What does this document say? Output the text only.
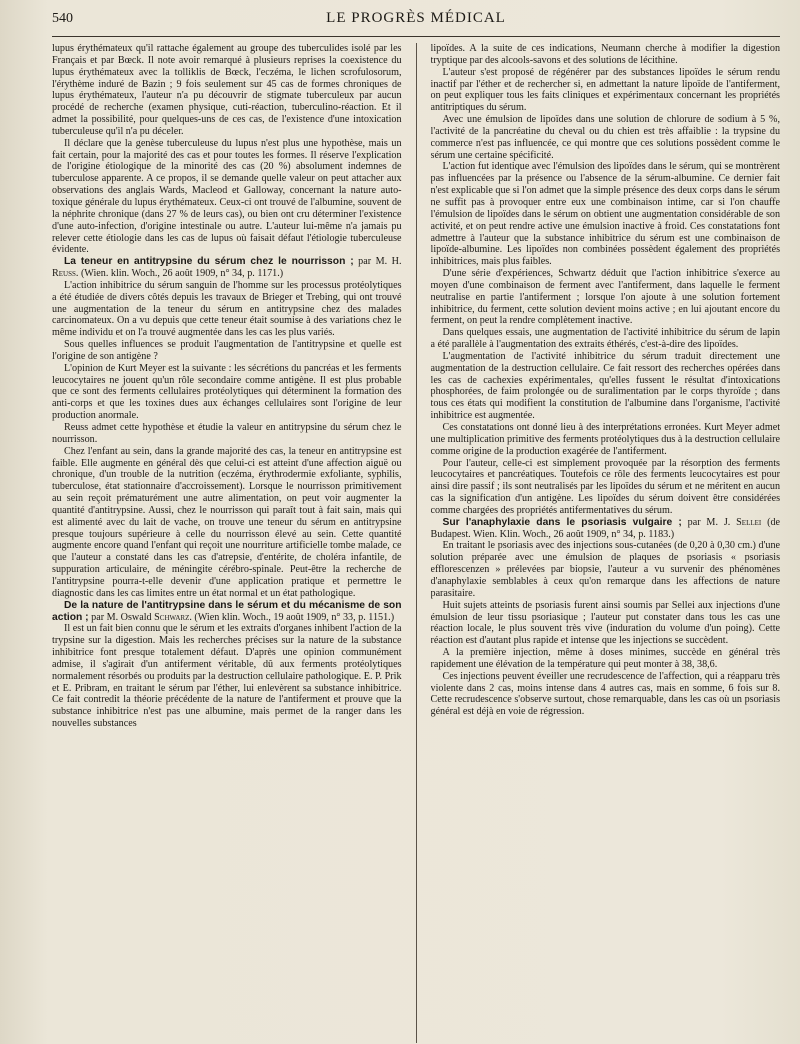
540	LE PROGRÈS MÉDICAL

lupus érythémateux qu'il rattache également au groupe des tuberculides isolé par les Français et par Bœck. Il note avoir remarqué à plusieurs reprises la coexistence du lupus érythémateux avec la tolliklis de Bœck, l'eczéma, le lichen scrofulosorum, l'érythème induré de Bazin ; 9 fois seulement sur 45 cas de formes chroniques de lupus érythémateux, l'auteur n'a pu découvrir de stigmate tuberculeux par aucun procédé de recherche (examen physique, cuti-réaction, tuberculino-réaction. Et il admet la possibilité, pour quelques-uns de ces cas, de l'existence d'une intoxication tuberculeuse qu'il n'a pu déceler.

Il déclare que la genèse tuberculeuse du lupus n'est plus une hypothèse, mais un fait certain, pour la majorité des cas et pour toutes les formes. Il réserve l'explication de l'origine étiologique de la minorité des cas (20 %) absolument indemnes de tuberculose apparente. A ce propos, il se demande quelle valeur on peut attacher aux observations des anglais Wards, Macleod et Galloway, concernant la nature auto-toxique générale du lupus érythémateux. Ceux-ci ont trouvé de l'albumine, souvent de la néphrite chronique (dans 27 % de leurs cas), ou bien ont cru déterminer l'existence d'une auto-infection, d'origine intestinale ou autre. L'auteur lui-même n'a jamais pu relever cette étiologie dans les cas de lupus où faisait défaut l'étiologie tuberculeuse évidente.

La teneur en antitrypsine du sérum chez le nourrisson ; par M. H. Reuss. (Wien. klin. Woch., 26 août 1909, n° 34, p. 1171.)

L'action inhibitrice du sérum sanguin de l'homme sur les processus protéolytiques a été étudiée de divers côtés depuis les travaux de Brieger et Trebing, qui ont trouvé une augmentation de la teneur du sérum en antitrypsine chez des malades carcinomateux. On a vu depuis que cette teneur était soumise à des variations chez le même individu et on l'a trouvé augmentée dans les cas les plus variés.

Sous quelles influences se produit l'augmentation de l'antitrypsine et quelle est l'origine de son antigène ?

L'opinion de Kurt Meyer est la suivante : les sécrétions du pancréas et les ferments leucocytaires ne jouent qu'un rôle secondaire comme antigène. Il est plus probable que ce sont des ferments cellulaires protéolytiques qui déterminent la formation des anti-corps et que les toxines dues aux échanges cellulaires sont l'origine de leur production anormale.

Reuss admet cette hypothèse et étudie la valeur en antitrypsine du sérum chez le nourrisson.

Chez l'enfant au sein, dans la grande majorité des cas, la teneur en antitrypsine est faible. Elle augmente en général dès que celui-ci est atteint d'une affection aiguë ou chronique, d'un trouble de la nutrition (eczéma, érythrodermie exfoliante, syphilis, tuberculose, état stationnaire d'accroissement). Lorsque le nourrisson primitivement au sein reçoit prématurément une autre alimentation, on peut voir augmenter la quantité d'antitrypsine. Aussi, chez le nourrisson qui paraît tout à fait sain, mais qui est alimenté avec du lait de vache, on trouve une teneur du sérum en antitrypsine presque toujours supérieure à celle du nourrisson élevé au sein. Cette quantité augmente encore quand l'enfant qui reçoit une nourriture artificielle tombe malade, ce que l'auteur a constaté dans les cas d'atrepsie, d'entérite, de choléra infantile, de suppuration articulaire, de méningite cérébro-spinale. Peut-être la recherche de l'antitrypsine pourra-t-elle devenir d'une application pratique et permettre le diagnostic dans les cas limites entre un état normal et un état pathologique.

De la nature de l'antitrypsine dans le sérum et du mécanisme de son action ; par M. Oswald Schwarz. (Wien klin. Woch., 19 août 1909, n° 33, p. 1151.)

Il est un fait bien connu que le sérum et les extraits d'organes inhibent l'action de la trypsine sur la digestion. Mais les recherches précises sur la nature de la substance inhibitrice font presque totalement défaut. D'après une opinion communément admise, il s'agirait d'un antiferment véritable, dû aux ferments protéolytiques normalement résorbés ou produits par la destruction cellulaire pathologique. E. P. Prik et E. Pribram, en traitant le sérum par l'éther, lui enlevèrent sa substance inhibitrice. Ce fait contredit la théorie précédente de la nature de l'antiferment et prouve que la substance inhibitrice n'est pas une albumine, mais permet de la ranger dans les nouvelles substances

lipoïdes. A la suite de ces indications, Neumann cherche à modifier la digestion tryptique par des alcools-savons et des solutions de lécithine.

L'auteur s'est proposé de régénérer par des substances lipoïdes le sérum rendu inactif par l'éther et de rechercher si, en admettant la nature lipoïde de l'antiferment, on peut expliquer tous les faits cliniques et expérimentaux concernant les propriétés antitriptiques du sérum.

Avec une émulsion de lipoïdes dans une solution de chlorure de sodium à 5 %, l'activité de la pancréatine du cheval ou du chien est très affaiblie : la trypsine du commerce n'est pas influencée, ce qui montre que ces solutions possèdent comme le sérum une certaine spécificité.

L'action fut identique avec l'émulsion des lipoïdes dans le sérum, qui se montrèrent pas influencées par la présence ou l'absence de la sérum-albumine. Ce dernier fait n'est explicable que si l'on admet que la simple présence des deux corps dans le sérum ne suffit pas à provoquer entre eux une combinaison intime, car si l'on chauffe l'émulsion de lipoïdes dans le sérum on obtient une augmentation considérable de son activité, et on peut rendre active une émulsion inactive à froid. Ces constatations font admettre à l'auteur que la substance inhibitrice du sérum est une combinaison de lipoïde-albumine. Les lipoïdes non combinées possèdent également des propriétés inhibitrices, mais plus faibles.

D'une série d'expériences, Schwartz déduit que l'action inhibitrice s'exerce au moyen d'une combinaison de ferment avec l'antiferment, dans laquelle le ferment neutralise en partie l'antiferment ; lorsque l'on ajoute à une solution fortement inhibitrice, du ferment, cette solution devient moins active ; en lui ajoutant encore du ferment, on peut la rendre complètement inactive.

Dans quelques essais, une augmentation de l'activité inhibitrice du sérum de lapin a été parallèle à l'augmentation des extraits éthérés, c'est-à-dire des lipoïdes.

L'augmentation de l'activité inhibitrice du sérum traduit directement une augmentation de la destruction cellulaire. Ce fait ressort des recherches opérées dans les cas de cachexies expérimentales, qu'elles fussent le résultat d'intoxications phosphorées, de faim prolongée ou de suralimentation par le corps thyroïde ; dans tous ces états qui modifient la constitution de l'albumine dans l'organisme, l'activité inhibitrice est augmentée.

Ces constatations ont donné lieu à des interprétations erronées. Kurt Meyer admet une multiplication primitive des ferments protéolytiques dus à la destruction cellulaire comme origine de la production exagérée de l'antiferment.

Pour l'auteur, celle-ci est simplement provoquée par la résorption des ferments leucocytaires et pancréatiques. Toutefois ce rôle des ferments leucocytaires est pour ainsi dire passif ; ils sont neutralisés par les lipoïdes du sérum et ne méritent en aucun cas la signification d'un antigène. Les lipoïdes du sérum doivent être considérées comme chargées des propriétés antifermentatives du sérum.

Sur l'anaphylaxie dans le psoriasis vulgaire ; par M. J. Sellei (de Budapest. Wien. Klin. Woch., 26 août 1909, n° 34, p. 1183.)

En traitant le psoriasis avec des injections sous-cutanées (de 0,20 à 0,30 cm.) d'une solution préparée avec une émulsion de plaques de psoriasis « psoriasis efflorescenzen » prélevées par biopsie, l'auteur a vu survenir des phénomènes d'anaphylaxie semblables à ceux qu'on remarque dans les affections de nature parasitaire.

Huit sujets atteints de psoriasis furent ainsi soumis par Sellei aux injections d'une émulsion de leur tissu psoriasique ; l'auteur put constater dans tous les cas une réaction locale, le plus souvent très vive (induration du volume d'un poing). Cette réaction est d'autant plus rapide et intense que les injections se succèdent.

A la première injection, même à doses minimes, succède en général très rapidement une élévation de la température qui peut monter à 38, 38,6.

Ces injections peuvent éveiller une recrudescence de l'affection, qui a réapparu très violente dans 2 cas, moins intense dans 4 autres cas, mais en somme, 6 fois sur 8. Cette recrudescence s'observe surtout, chose remarquable, dans les cas où un psoriasis général est déjà en voie de régression.
